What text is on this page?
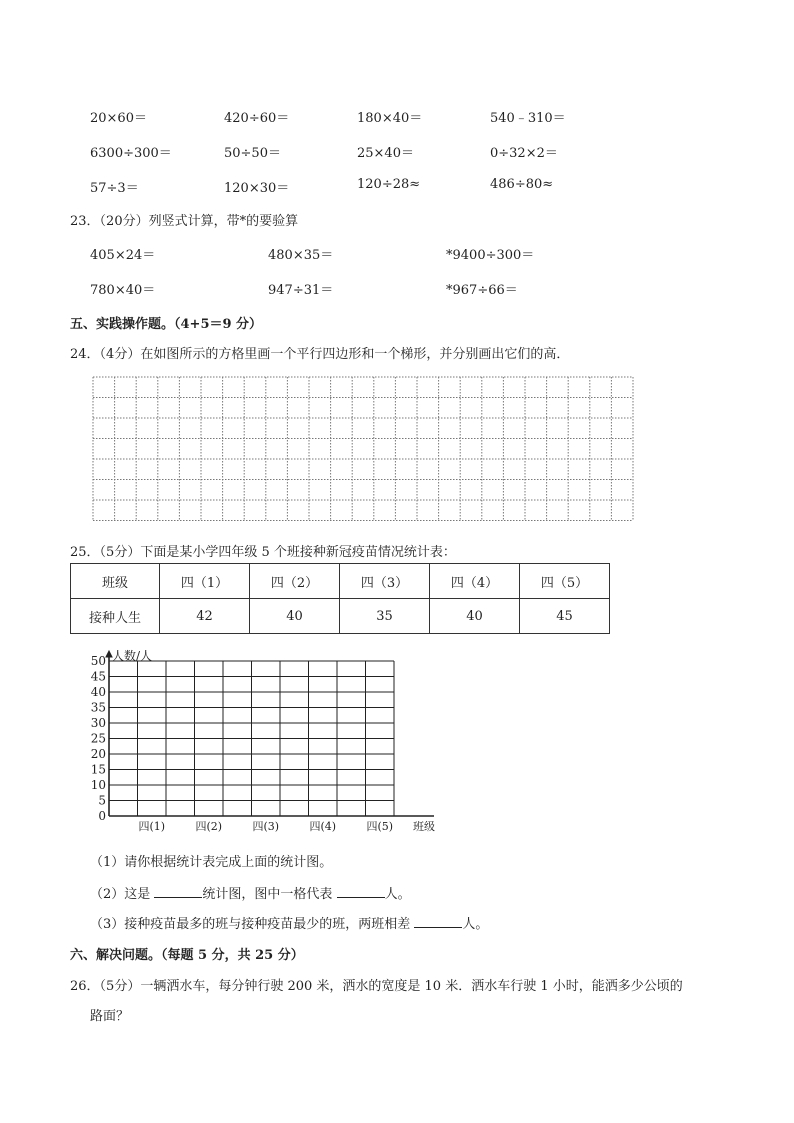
20×60＝	420÷60＝	180×40＝	540﹣310＝
6300÷300＝	50÷50＝	25×40＝	0÷32×2＝
57÷3＝	120×30＝	120÷28≈	486÷80≈
23．（20分）列竖式计算，带*的要验算
405×24＝	480×35＝	*9400÷300＝
780×40＝	947÷31＝	*967÷66＝
五、实践操作题。（4+5＝9 分）
24．（4分）在如图所示的方格里画一个平行四边形和一个梯形，并分别画出它们的高．
25．（5分）下面是某小学四年级 5 个班接种新冠疫苗情况统计表：
班级	四（1）	四（2）	四（3）	四（4）	四（5）
接种人生	42	40	35	40	45
0
5
10
15
20
25
30
35
40
45
50 人数/人
四(1)	四(2)	四(3)	四(4)	四(5) 班级
（1）请你根据统计表完成上面的统计图。
（2）这是	统计图，图中一格代表	人。
（3）接种疫苗最多的班与接种疫苗最少的班，两班相差	人。
六、解决问题。（每题 5 分，共 25 分）
26．（5分）一辆洒水车，每分钟行驶 200 米，洒水的宽度是 10 米．洒水车行驶 1 小时，能洒多少公顷的
路面？
